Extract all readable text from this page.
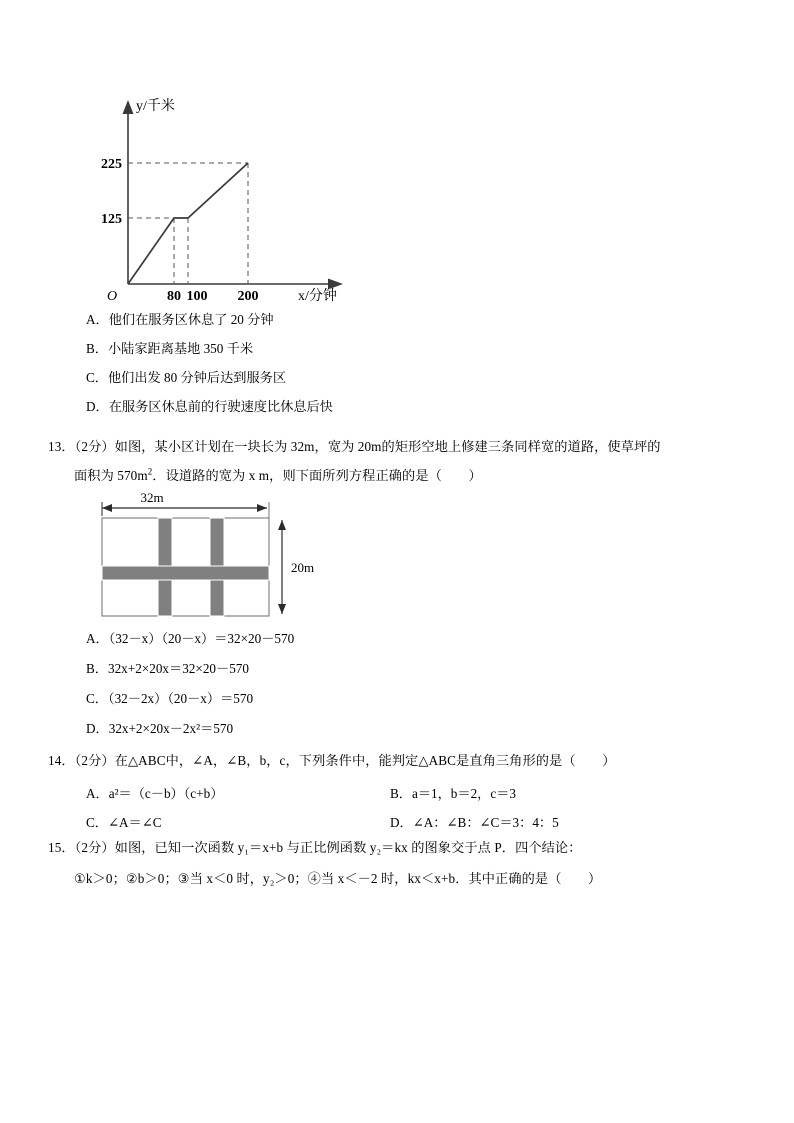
225
125
80 100 200
O
y/千米
x/分钟
A．他们在服务区休息了 20 分钟
B．小陆家距离基地 350 千米
C．他们出发 80 分钟后达到服务区
D．在服务区休息前的行驶速度比休息后快
13．（2分）如图，某小区计划在一块长为 32m，宽为 20m的矩形空地上修建三条同样宽的道路，使草坪的
面积为 $570m^2$．设道路的宽为 x m，则下面所列方程正确的是（　　）
32m
20m
A．（32－x）（20－x）＝32×20－570
B．32x+2×20x＝32×20－570
C．（32－2x）（20－x）＝570
D．32x+2×20x－2x²＝570
14．（2分）在△ABC中，∠A，∠B，b，c，下列条件中，能判定△ABC是直角三角形的是（　　）
A．a²＝（c－b）（c+b）	B．a＝1，b＝2，c＝3
C．∠A＝∠C	D．∠A：∠B：∠C＝3：4：5
15．（2分）如图，已知一次函数 y₁＝x+b 与正比例函数 y₂＝kx 的图象交于点 P．四个结论：
①k＞0；②b＞0；③当 x＜0 时，y₂＞0；④当 x＜－2 时，kx＜x+b．其中正确的是（　　）
